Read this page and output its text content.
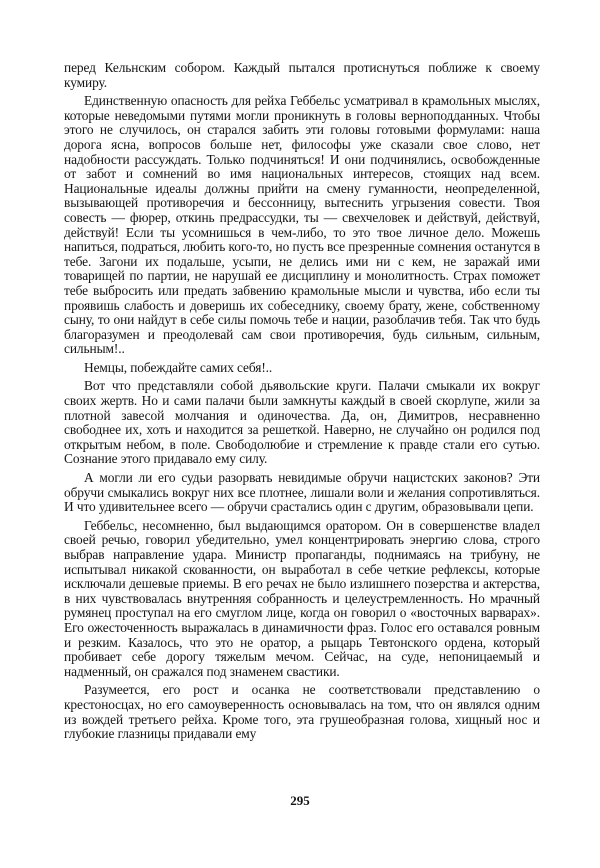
перед Кельнским собором. Каждый пытался протиснуться поближе к своему кумиру.

Единственную опасность для рейха Геббельс усматривал в крамольных мыслях, которые неведомыми путями могли проникнуть в головы верноподданных. Чтобы этого не случилось, он старался забить эти головы готовыми формулами: наша дорога ясна, вопросов больше нет, философы уже сказали свое слово, нет надобности рассуждать. Только подчиняться! И они подчинялись, освобожденные от забот и сомнений во имя национальных интересов, стоящих над всем. Национальные идеалы должны прийти на смену гуманности, неопределенной, вызывающей противоречия и бессонницу, вытеснить угрызения совести. Твоя совесть — фюрер, откинь предрассудки, ты — свехчеловек и действуй, действуй, действуй! Если ты усомнишься в чем-либо, то это твое личное дело. Можешь напиться, подраться, любить кого-то, но пусть все презренные сомнения останутся в тебе. Загони их подальше, усыпи, не делись ими ни с кем, не заражай ими товарищей по партии, не нарушай ее дисциплину и монолитность. Страх поможет тебе выбросить или предать забвению крамольные мысли и чувства, ибо если ты проявишь слабость и доверишь их собеседнику, своему брату, жене, собственному сыну, то они найдут в себе силы помочь тебе и нации, разоблачив тебя. Так что будь благоразумен и преодолевай сам свои противоречия, будь сильным, сильным, сильным!..

Немцы, побеждайте самих себя!..

Вот что представляли собой дьявольские круги. Палачи смыкали их вокруг своих жертв. Но и сами палачи были замкнуты каждый в своей скорлупе, жили за плотной завесой молчания и одиночества. Да, он, Димитров, несравненно свободнее их, хоть и находится за решеткой. Наверно, не случайно он родился под открытым небом, в поле. Свободолюбие и стремление к правде стали его сутью. Сознание этого придавало ему силу.

А могли ли его судьи разорвать невидимые обручи нацистских законов? Эти обручи смыкались вокруг них все плотнее, лишали воли и желания сопротивляться. И что удивительнее всего — обручи срастались один с другим, образовывали цепи.

Геббельс, несомненно, был выдающимся оратором. Он в совершенстве владел своей речью, говорил убедительно, умел концентрировать энергию слова, строго выбрав направление удара. Министр пропаганды, поднимаясь на трибуну, не испытывал никакой скованности, он выработал в себе четкие рефлексы, которые исключали дешевые приемы. В его речах не было излишнего позерства и актерства, в них чувствовалась внутренняя собранность и целеустремленность. Но мрачный румянец проступал на его смуглом лице, когда он говорил о «восточных варварах». Его ожесточенность выражалась в динамичности фраз. Голос его оставался ровным и резким. Казалось, что это не оратор, а рыцарь Тевтонского ордена, который пробивает себе дорогу тяжелым мечом. Сейчас, на суде, непоницаемый и надменный, он сражался под знаменем свастики.

Разумеется, его рост и осанка не соответствовали представлению о крестоносцах, но его самоуверенность основывалась на том, что он являлся одним из вождей третьего рейха. Кроме того, эта грушеобразная голова, хищный нос и глубокие глазницы придавали ему

295
